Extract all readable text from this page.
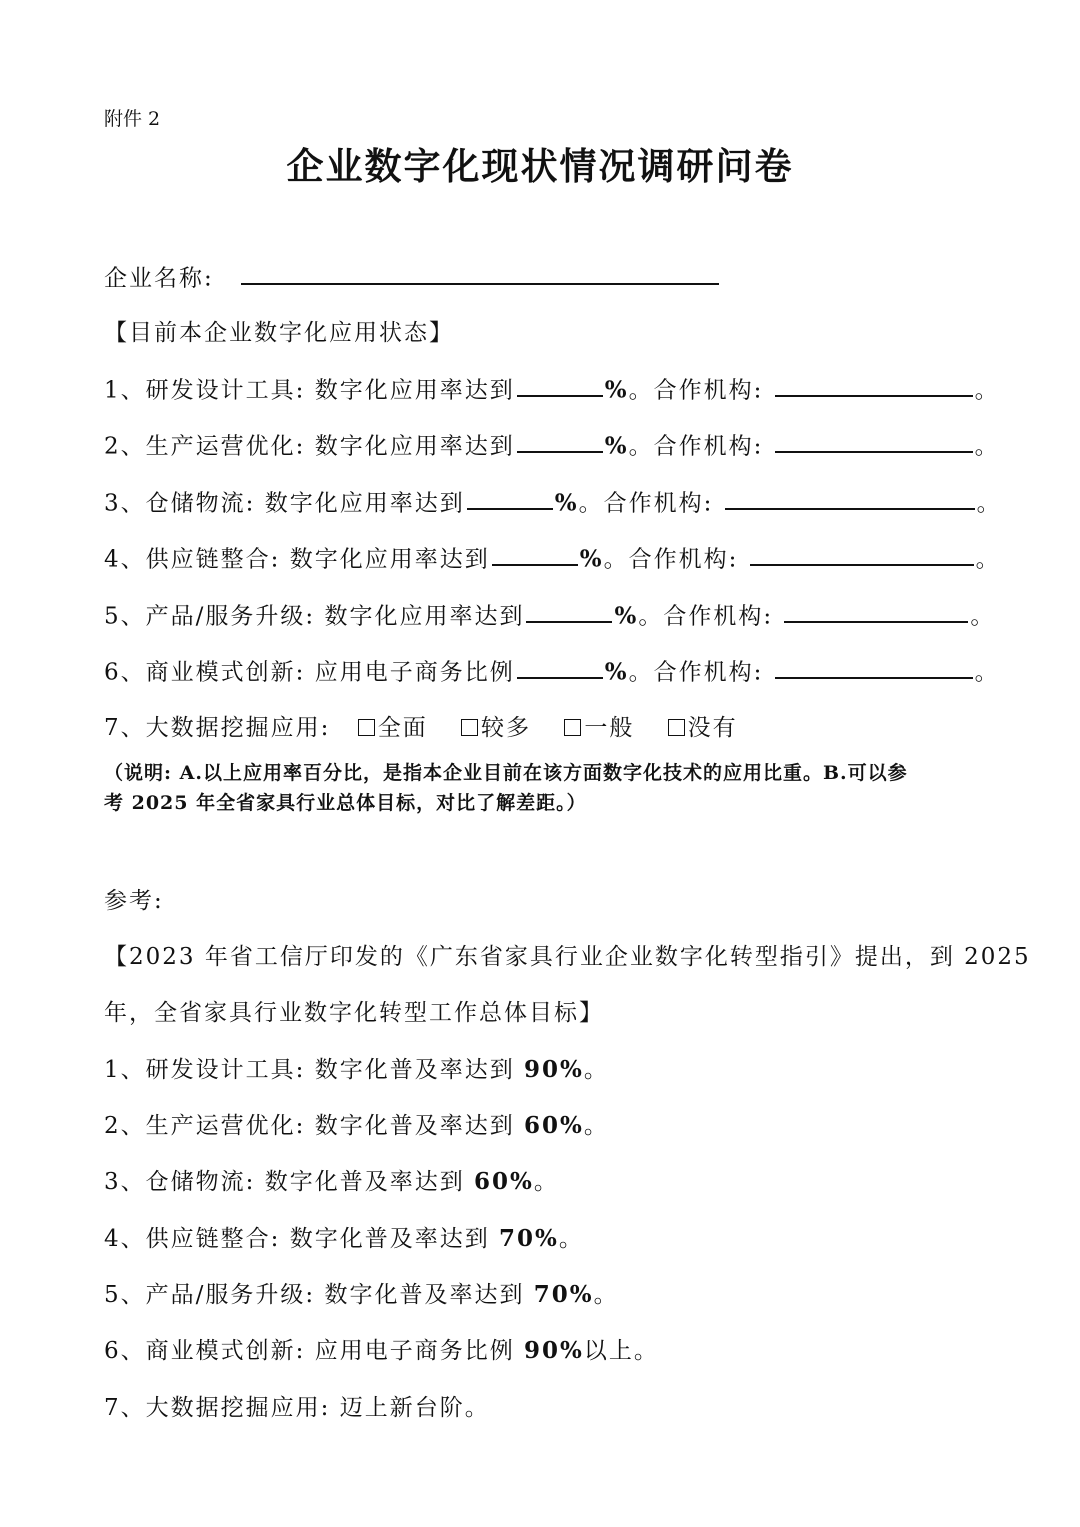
附件 2
企业数字化现状情况调研问卷
企业名称:
【目前本企业数字化应用状态】
1、研发设计工具: 数字化应用率达到	%。合作机构:	。
2、生产运营优化: 数字化应用率达到	%。合作机构:	。
3、仓储物流: 数字化应用率达到	%。合作机构:	。
4、供应链整合: 数字化应用率达到	%。合作机构:	。
5、产品/服务升级: 数字化应用率达到	%。合作机构:	。
6、商业模式创新: 应用电子商务比例	%。合作机构:	。
7、大数据挖掘应用: 全面 较多 一般 没有
（说明: A.以上应用率百分比，是指本企业目前在该方面数字化技术的应用比重。B.可以参
考 2025 年全省家具行业总体目标，对比了解差距。）
参考:
【2023 年省工信厅印发的《广东省家具行业企业数字化转型指引》提出，到 2025
年，全省家具行业数字化转型工作总体目标】
1、研发设计工具: 数字化普及率达到 90%。
2、生产运营优化: 数字化普及率达到 60%。
3、仓储物流: 数字化普及率达到 60%。
4、供应链整合: 数字化普及率达到 70%。
5、产品/服务升级: 数字化普及率达到 70%。
6、商业模式创新: 应用电子商务比例 90%以上。
7、大数据挖掘应用: 迈上新台阶。
